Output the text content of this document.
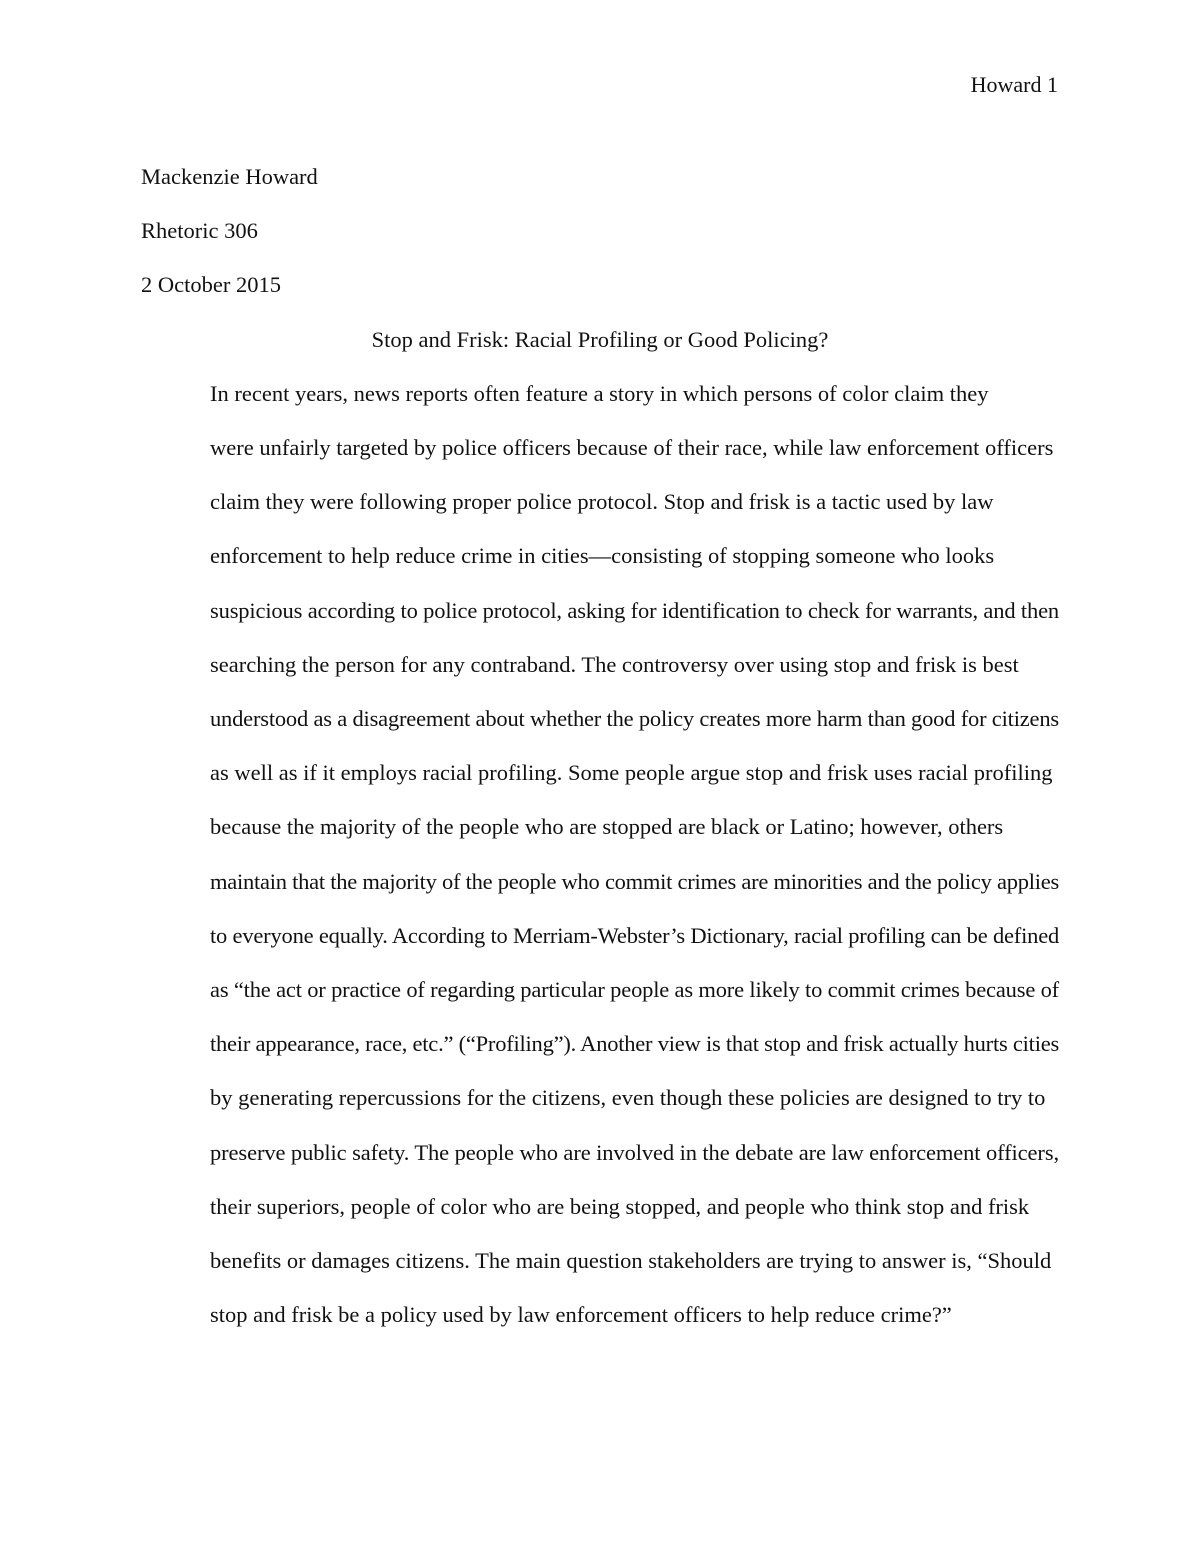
Howard 1

Mackenzie Howard

Rhetoric 306

2 October 2015

Stop and Frisk: Racial Profiling or Good Policing?

In recent years, news reports often feature a story in which persons of color claim they
were unfairly targeted by police officers because of their race, while law enforcement officers
claim they were following proper police protocol. Stop and frisk is a tactic used by law
enforcement to help reduce crime in cities—consisting of stopping someone who looks
suspicious according to police protocol, asking for identification to check for warrants, and then
searching the person for any contraband. The controversy over using stop and frisk is best
understood as a disagreement about whether the policy creates more harm than good for citizens
as well as if it employs racial profiling. Some people argue stop and frisk uses racial profiling
because the majority of the people who are stopped are black or Latino; however, others
maintain that the majority of the people who commit crimes are minorities and the policy applies
to everyone equally. According to Merriam-Webster’s Dictionary, racial profiling can be defined
as “the act or practice of regarding particular people as more likely to commit crimes because of
their appearance, race, etc.” (“Profiling”). Another view is that stop and frisk actually hurts cities
by generating repercussions for the citizens, even though these policies are designed to try to
preserve public safety. The people who are involved in the debate are law enforcement officers,
their superiors, people of color who are being stopped, and people who think stop and frisk
benefits or damages citizens. The main question stakeholders are trying to answer is, “Should
stop and frisk be a policy used by law enforcement officers to help reduce crime?”
